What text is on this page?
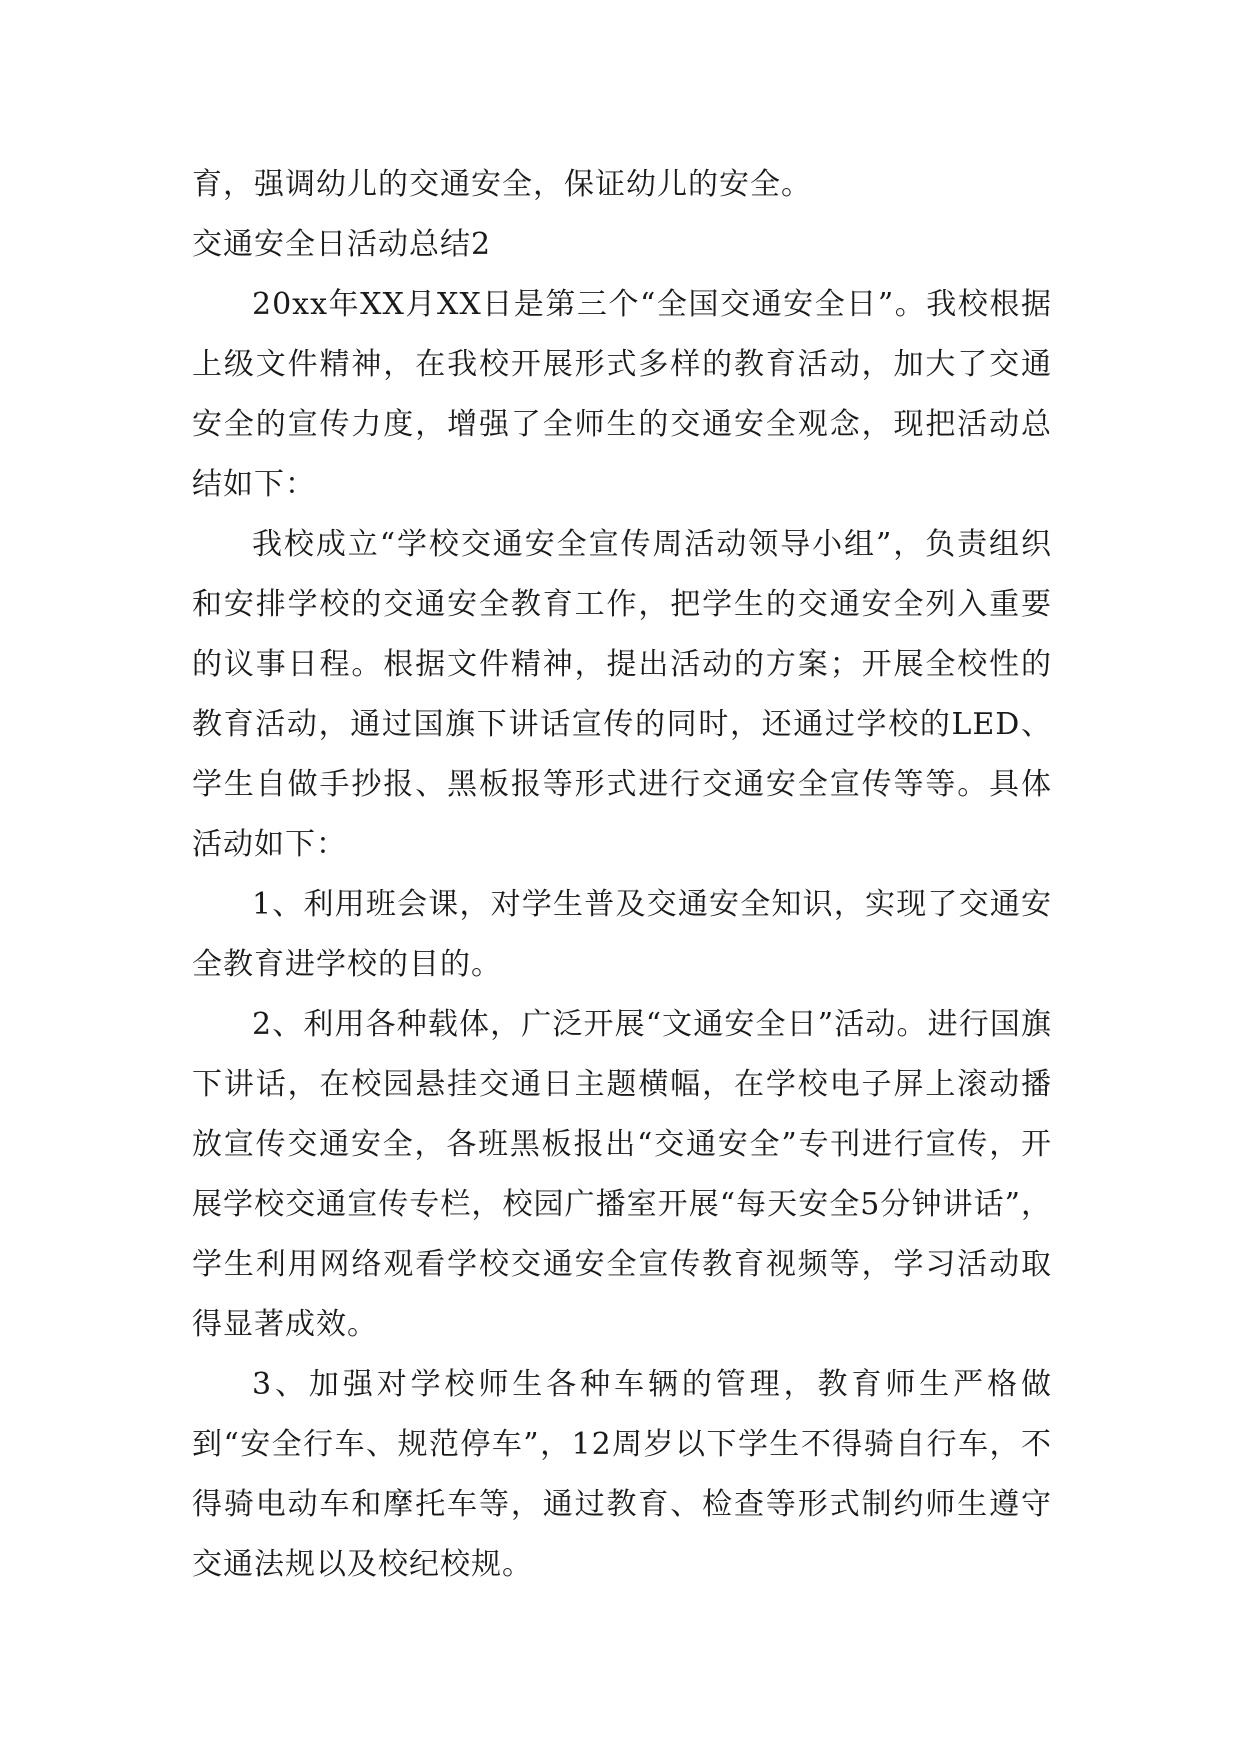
育，强调幼儿的交通安全，保证幼儿的安全。

交通安全日活动总结2

20xx年XX月XX日是第三个“全国交通安全日”。我校根据上级文件精神，在我校开展形式多样的教育活动，加大了交通安全的宣传力度，增强了全师生的交通安全观念，现把活动总结如下：

我校成立“学校交通安全宣传周活动领导小组”，负责组织和安排学校的交通安全教育工作，把学生的交通安全列入重要的议事日程。根据文件精神，提出活动的方案；开展全校性的教育活动，通过国旗下讲话宣传的同时，还通过学校的LED、学生自做手抄报、黑板报等形式进行交通安全宣传等等。具体活动如下：

1、利用班会课，对学生普及交通安全知识，实现了交通安全教育进学校的目的。

2、利用各种载体，广泛开展“文通安全日”活动。进行国旗下讲话，在校园悬挂交通日主题横幅，在学校电子屏上滚动播放宣传交通安全，各班黑板报出“交通安全”专刊进行宣传，开展学校交通宣传专栏，校园广播室开展“每天安全5分钟讲话”，学生利用网络观看学校交通安全宣传教育视频等，学习活动取得显著成效。

3、加强对学校师生各种车辆的管理，教育师生严格做到“安全行车、规范停车”，12周岁以下学生不得骑自行车，不得骑电动车和摩托车等，通过教育、检查等形式制约师生遵守交通法规以及校纪校规。
